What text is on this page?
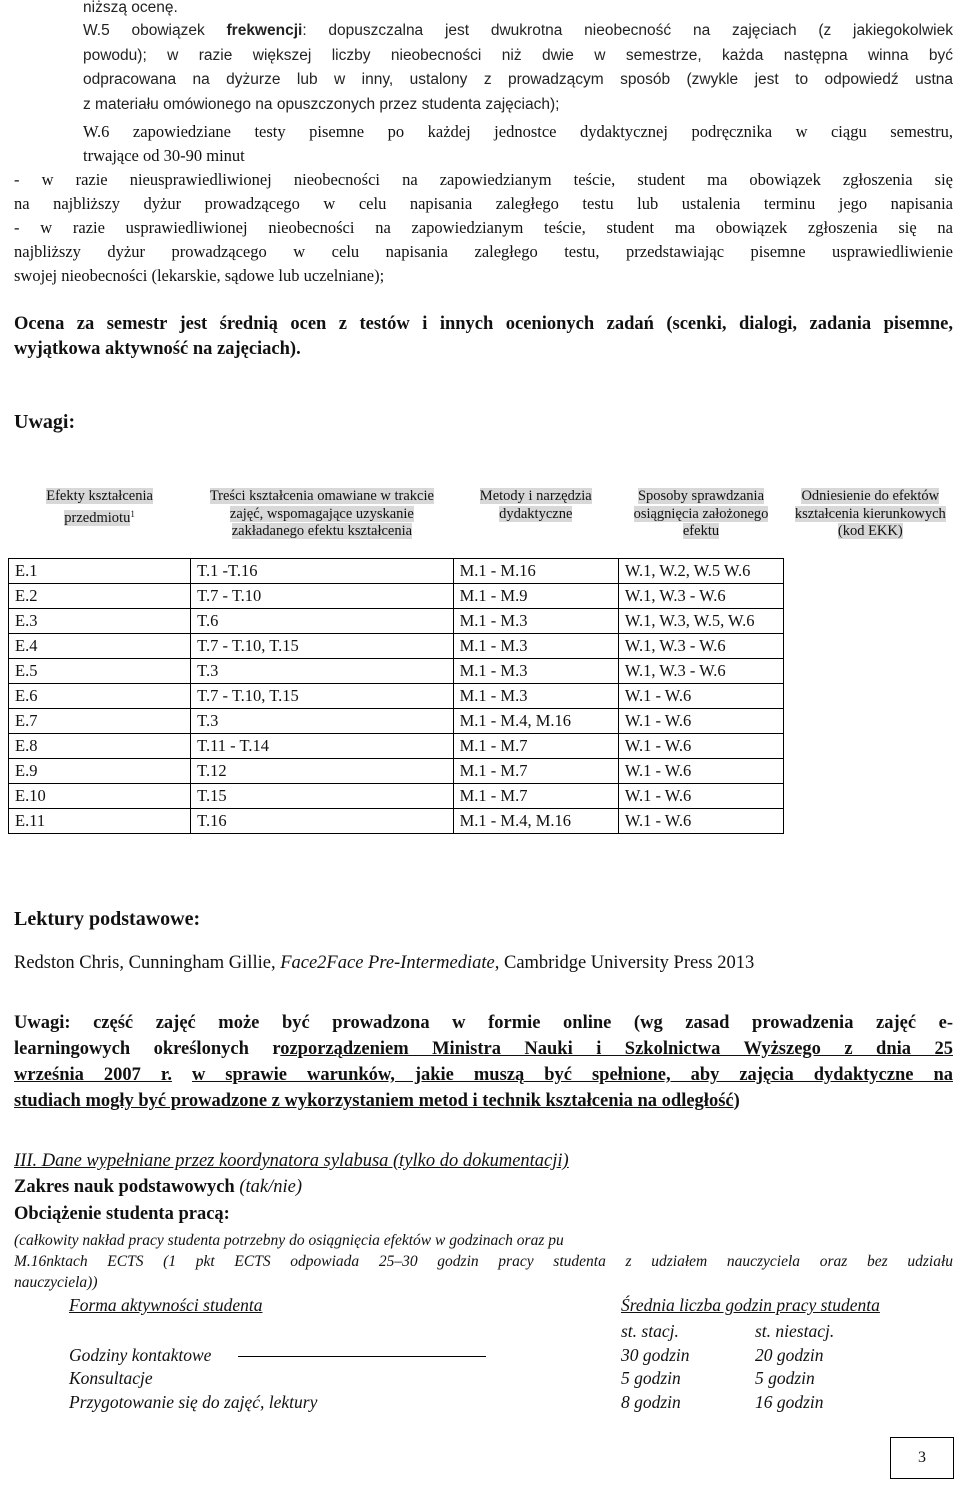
niższą ocenę.
W.5 obowiązek frekwencji: dopuszczalna jest dwukrotna nieobecność na zajęciach (z jakiegokolwiek
powodu); w razie większej liczby nieobecności niż dwie w semestrze, każda następna winna być
odpracowana na dyżurze lub w inny, ustalony z prowadzącym sposób (zwykle jest to odpowiedź ustna
z materiału omówionego na opuszczonych przez studenta zajęciach);
W.6 zapowiedziane testy pisemne po każdej jednostce dydaktycznej podręcznika w ciągu semestru,
trwające od 30-90 minut
- w razie nieusprawiedliwionej nieobecności na zapowiedzianym teście, student ma obowiązek zgłoszenia się
na najbliższy dyżur prowadzącego w celu napisania zaległego testu lub ustalenia terminu jego napisania
- w razie usprawiedliwionej nieobecności na zapowiedzianym teście, student ma obowiązek zgłoszenia się na
najbliższy dyżur prowadzącego w celu napisania zaległego testu, przedstawiając pisemne usprawiedliwienie
swojej nieobecności (lekarskie, sądowe lub uczelniane);
Ocena za semestr jest średnią ocen z testów i innych ocenionych zadań (scenki, dialogi, zadania pisemne,
wyjątkowa aktywność na zajęciach).
Uwagi:
Efekty kształcenia przedmiotu$^1$	Treści kształcenia omawiane w trakcie zajęć, wspomagające uzyskanie zakładanego efektu kształcenia	Metody i narzędzia dydaktyczne	Sposoby sprawdzania osiągnięcia założonego efektu	Odniesienie do efektów kształcenia kierunkowych (kod EKK)
E.1	T.1 -T.16	M.1 - M.16	W.1, W.2, W.5 W.6	
E.2	T.7 - T.10	M.1 - M.9	W.1, W.3 - W.6	
E.3	T.6	M.1 - M.3	W.1, W.3, W.5, W.6	
E.4	T.7 - T.10, T.15	M.1 - M.3	W.1, W.3 - W.6	
E.5	T.3	M.1 - M.3	W.1, W.3 - W.6	
E.6	T.7 - T.10, T.15	M.1 - M.3	W.1 - W.6	
E.7	T.3	M.1 - M.4, M.16	W.1 - W.6	
E.8	T.11 - T.14	M.1 - M.7	W.1 - W.6	
E.9	T.12	M.1 - M.7	W.1 - W.6	
E.10	T.15	M.1 - M.7	W.1 - W.6	
E.11	T.16	M.1 - M.4, M.16	W.1 - W.6	
Lektury podstawowe:
Redston Chris, Cunningham Gillie, Face2Face Pre-Intermediate, Cambridge University Press 2013
Uwagi: część zajęć może być prowadzona w formie online (wg zasad prowadzenia zajęć e-
learningowych określonych rozporządzeniem Ministra Nauki i Szkolnictwa Wyższego z dnia 25
września 2007 r. w sprawie warunków, jakie muszą być spełnione, aby zajęcia dydaktyczne na
studiach mogły być prowadzone z wykorzystaniem metod i technik kształcenia na odległość)
III. Dane wypełniane przez koordynatora sylabusa (tylko do dokumentacji)
Zakres nauk podstawowych (tak/nie)
Obciążenie studenta pracą:
(całkowity nakład pracy studenta potrzebny do osiągnięcia efektów w godzinach oraz pu
M.16nktach ECTS (1 pkt ECTS odpowiada 25–30 godzin pracy studenta z udziałem nauczyciela oraz bez udziału
nauczyciela))
Forma aktywności studenta	Średnia liczba godzin pracy studenta
st. stacj.	st. niestacj.
Godziny kontaktowe	30 godzin	20 godzin
Konsultacje	5 godzin	5 godzin
Przygotowanie się do zajęć, lektury	8 godzin	16 godzin
3
